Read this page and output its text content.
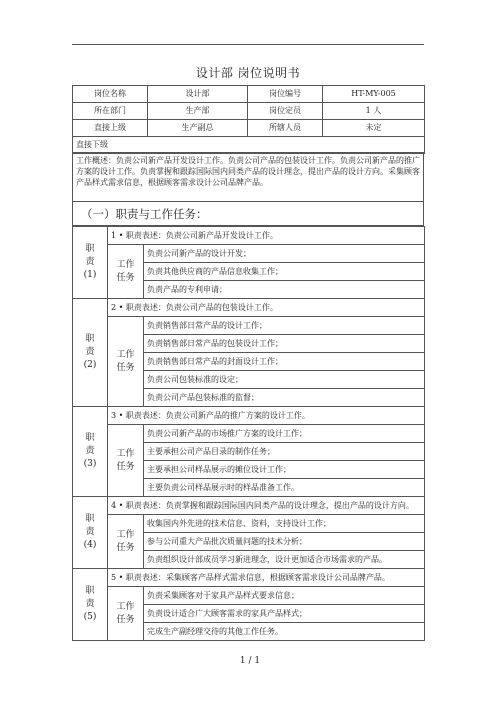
设计部 岗位说明书
岗位名称	设计部	岗位编号	HT-MY-005
所在部门	生产部	岗位定员	1 人
直接上级	生产副总	所辖人员	未定
直接下级			
工作概述：负责公司新产品开发设计工作。负责公司产品的包装设计工作。负责公司新产品的推广方案的设计工作。负责掌握和跟踪国际国内同类产品的设计理念，提出产品的设计方向。采集顾客产品样式需求信息，根据顾客需求设计公司品牌产品。
（一）职责与工作任务：
职
责
(1)	1 • 职责表述：负责公司新产品开发设计工作。	

	工作
任务	负责公司新产品的设计开发；
		负责其他供应商的产品信息收集工作；
		负责产品的专利申请；

职
责
(2)	2 • 职责表述：负责公司产品的包装设计工作。	

	工作
任务	负责销售部日常产品的设计工作；
		负责销售部日常产品的包装设计工作；
		负责销售部日常产品的封面设计工作；
		负责公司包装标准的设定；
		负责公司产品包装标准的监督；

职
责
(3)	3 • 职责表述：负责公司新产品的推广方案的设计工作。	

	工作
任务	负责公司新产品的市场推广方案的设计工作；
		主要承担公司产品目录的制作任务；
		主要承担公司样品展示的摊位设计工作；
		主要负责公司样品展示时的样品准备工作。

职
责
(4)	4 • 职责表述：负责掌握和跟踪国际国内同类产品的设计理念，提出产品的设计方向。	

	工作
任务	收集国内外先进的技术信息、资料，支持设计工作；
		参与公司重大产品批次质量问题的技术分析；
		负责组织设计部成员学习新进理念，设计更加适合市场需求的产品。

职
责
(5)	5 • 职责表述：采集顾客产品样式需求信息，根据顾客需求设计公司品牌产品。	

	工作
任务	负责采集顾客对于家具产品样式要求信息；
		负责设计适合广大顾客需求的家具产品样式；
		完成生产副经理交待的其他工作任务。
1 / 1
